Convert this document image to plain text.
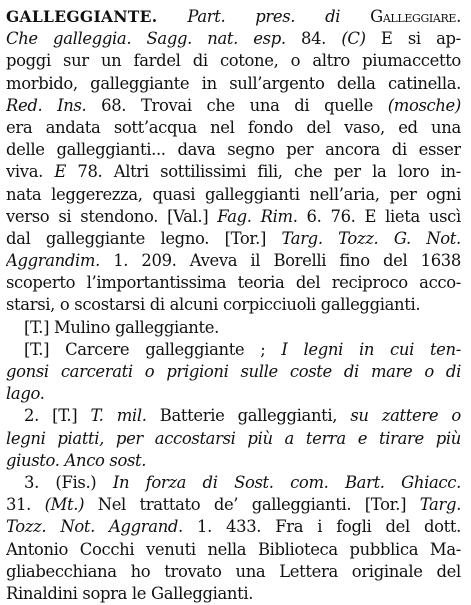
GALLEGGIANTE. Part. pres. di Galleggiare.
Che galleggia. Sagg. nat. esp. 84. (C) E si ap-
poggi sur un fardel di cotone, o altro piumaccetto
morbido, galleggiante in sull’argento della catinella.
Red. Ins. 68. Trovai che una di quelle (mosche)
era andata sott’acqua nel fondo del vaso, ed una
delle galleggianti... dava segno per ancora di esser
viva. E 78. Altri sottilissimi fili, che per la loro in-
nata leggerezza, quasi galleggianti nell’aria, per ogni
verso si stendono. [Val.] Fag. Rim. 6. 76. E lieta uscì
dal galleggiante legno. [Tor.] Targ. Tozz. G. Not.
Aggrandim. 1. 209. Aveva il Borelli fino del 1638
scoperto l’importantissima teoria del reciproco acco-
starsi, o scostarsi di alcuni corpicciuoli galleggianti.
[T.] Mulino galleggiante.
[T.] Carcere galleggiante ; I legni in cui ten-
gonsi carcerati o prigioni sulle coste di mare o di
lago.
2. [T.] T. mil. Batterie galleggianti, su zattere o
legni piatti, per accostarsi più a terra e tirare più
giusto. Anco sost.
3. (Fis.) In forza di Sost. com. Bart. Ghiacc.
31. (Mt.) Nel trattato de’ galleggianti. [Tor.] Targ.
Tozz. Not. Aggrand. 1. 433. Fra i fogli del dott.
Antonio Cocchi venuti nella Biblioteca pubblica Ma-
gliabecchiana ho trovato una Lettera originale del
Rinaldini sopra le Galleggianti.
